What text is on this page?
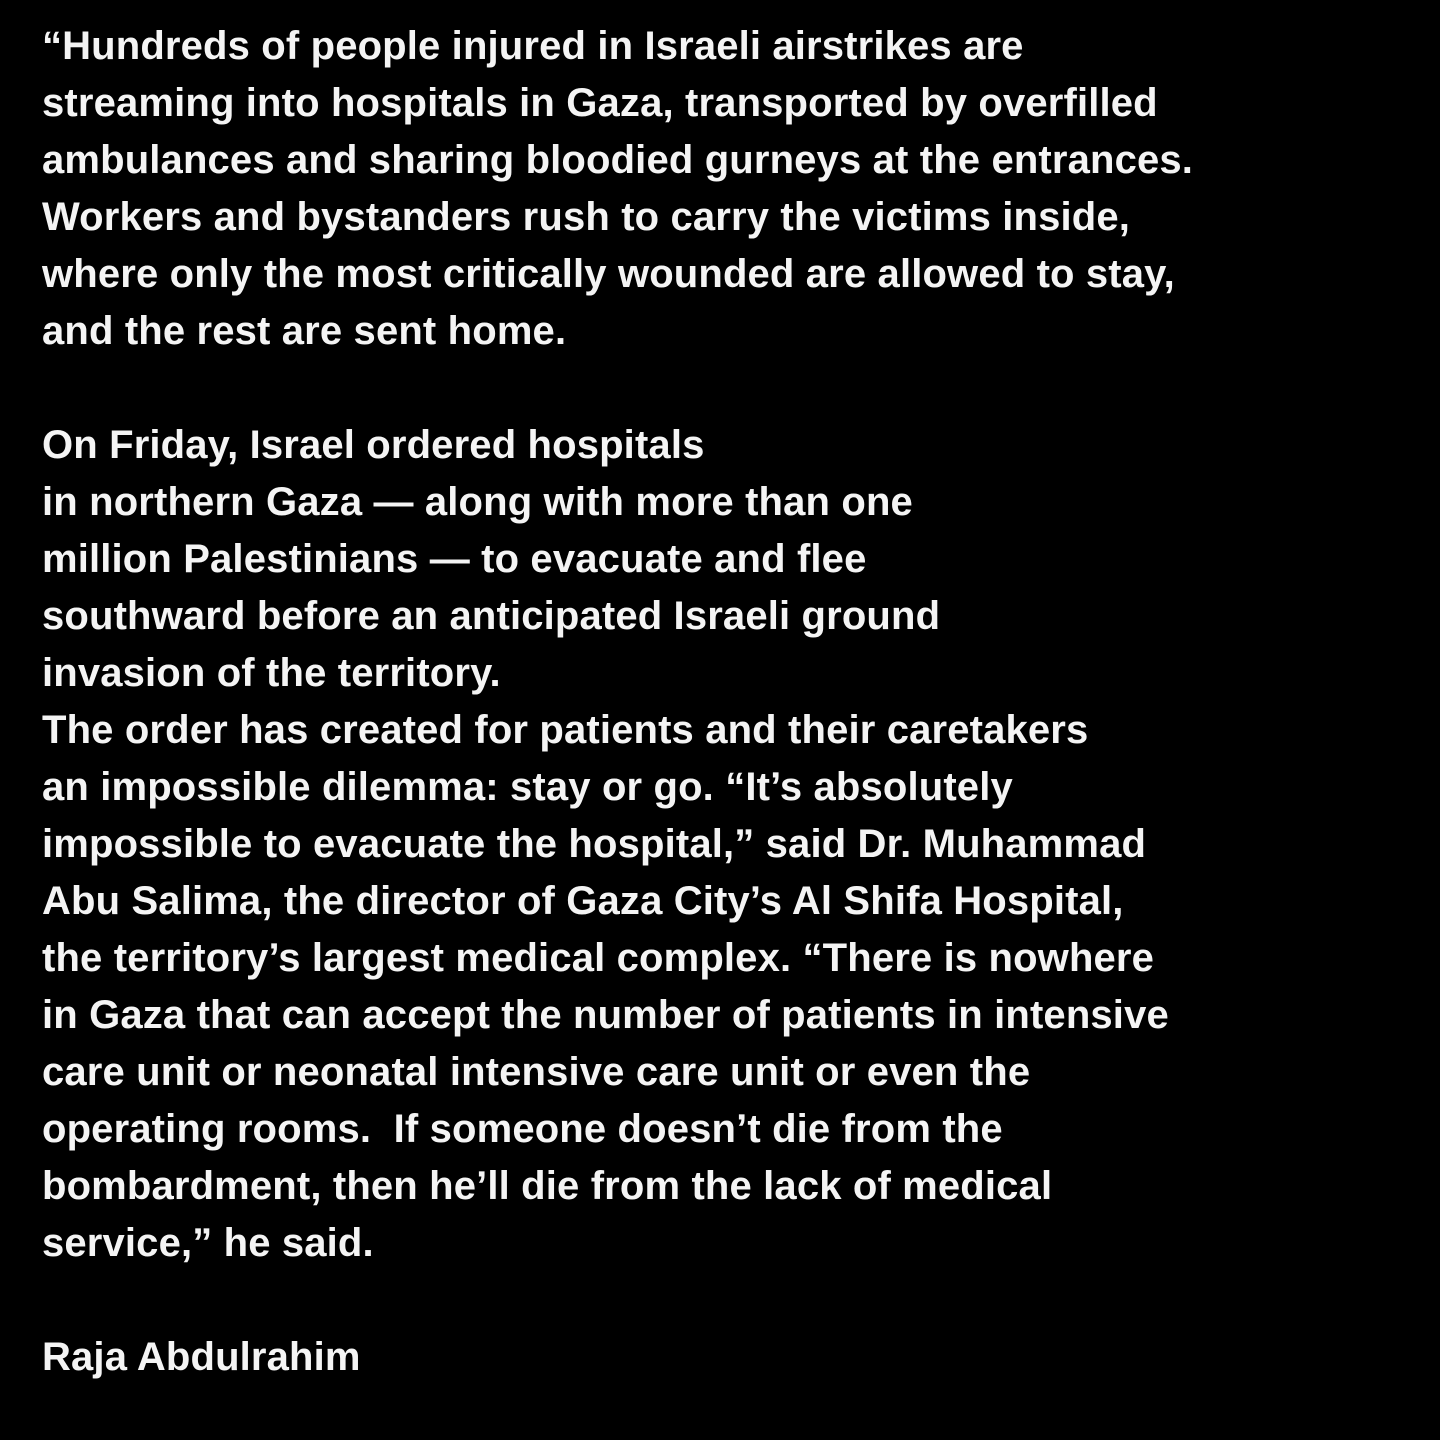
“Hundreds of people injured in Israeli airstrikes are
streaming into hospitals in Gaza, transported by overfilled
ambulances and sharing bloodied gurneys at the entrances.
Workers and bystanders rush to carry the victims inside,
where only the most critically wounded are allowed to stay,
and the rest are sent home.
On Friday, Israel ordered hospitals
in northern Gaza — along with more than one
million Palestinians — to evacuate and flee
southward before an anticipated Israeli ground
invasion of the territory.
The order has created for patients and their caretakers
an impossible dilemma: stay or go. “It’s absolutely
impossible to evacuate the hospital,” said Dr. Muhammad
Abu Salima, the director of Gaza City’s Al Shifa Hospital,
the territory’s largest medical complex. “There is nowhere
in Gaza that can accept the number of patients in intensive
care unit or neonatal intensive care unit or even the
operating rooms.  If someone doesn’t die from the
bombardment, then he’ll die from the lack of medical
service,” he said.
Raja Abdulrahim
